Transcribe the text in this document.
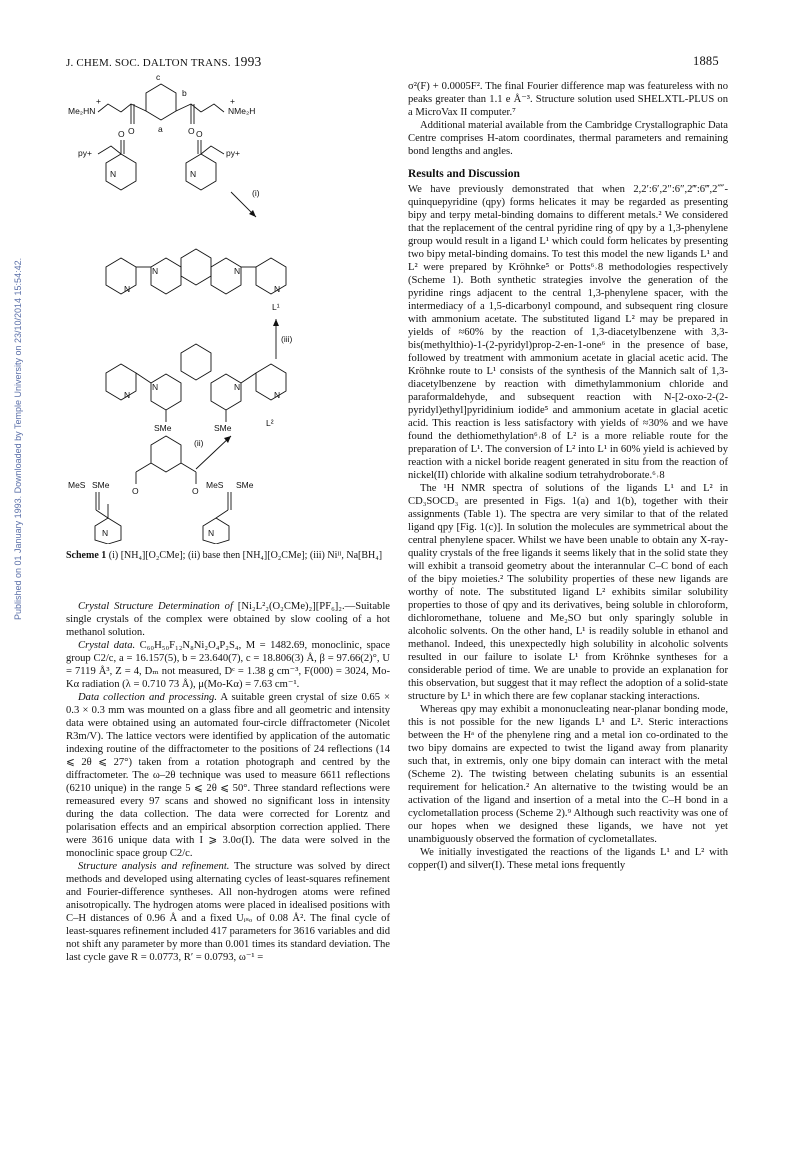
J. CHEM. SOC. DALTON TRANS. 1993	1885
Published on 01 January 1993. Downloaded by Temple University on 23/10/2014 15:54:42.
c
b
a
Me₂HN
+
NMe₂H
+
O	O
py+
O
N
py+
O
N
(i)
N	N
N	N
L¹
(iii)
SMe	SMe
N	N
N	N
L²
(ii)
O	O
MeS SMe
N
MeS SMe
N
Scheme 1 (i) [NH₄][O₂CMe]; (ii) base then [NH₄][O₂CMe]; (iii) Niᴵᴵ, Na[BH₄]

Crystal Structure Determination of [Ni₂L²₂(O₂CMe)₂][PF₆]₂.—Suitable single crystals of the complex were obtained by slow cooling of a hot methanol solution.

Crystal data. C₆₀H₅₀F₁₂N₈Ni₂O₄P₂S₄, M = 1482.69, monoclinic, space group C2/c, a = 16.157(5), b = 23.640(7), c = 18.806(3) Å, β = 97.66(2)°, U = 7119 Å³, Z = 4, Dₘ not measured, Dᶜ = 1.38 g cm⁻³, F(000) = 3024, Mo-Kα radiation (λ = 0.710 73 Å), μ(Mo-Kα) = 7.63 cm⁻¹.

Data collection and processing. A suitable green crystal of size 0.65 × 0.3 × 0.3 mm was mounted on a glass fibre and all geometric and intensity data were obtained using an automated four-circle diffractometer (Nicolet R3m/V). The lattice vectors were identified by application of the automatic indexing routine of the diffractometer to the positions of 24 reflections (14 ⩽ 2θ ⩽ 27°) taken from a rotation photograph and centred by the diffractometer. The ω–2θ technique was used to measure 6611 reflections (6210 unique) in the range 5 ⩽ 2θ ⩽ 50°. Three standard reflections were remeasured every 97 scans and showed no significant loss in intensity during the data collection. The data were corrected for Lorentz and polarisation effects and an empirical absorption correction applied. There were 3616 unique data with I ⩾ 3.0σ(I). The data were solved in the monoclinic space group C2/c.

Structure analysis and refinement. The structure was solved by direct methods and developed using alternating cycles of least-squares refinement and Fourier-difference syntheses. All non-hydrogen atoms were refined anisotropically. The hydrogen atoms were placed in idealised positions with C–H distances of 0.96 Å and a fixed Uᵢₛₒ of 0.08 Å². The final cycle of least-squares refinement included 417 parameters for 3616 variables and did not shift any parameter by more than 0.001 times its standard deviation. The last cycle gave R = 0.0773, R′ = 0.0793, ω⁻¹ =

σ²(F) + 0.0005F². The final Fourier difference map was featureless with no peaks greater than 1.1 e Å⁻³. Structure solution used SHELXTL-PLUS on a MicroVax II computer.⁷

Additional material available from the Cambridge Crystallographic Data Centre comprises H-atom coordinates, thermal parameters and remaining bond lengths and angles.

Results and Discussion

We have previously demonstrated that when 2,2′:6′,2″:6″,2‴:6‴,2⁗-quinquepyridine (qpy) forms helicates it may be regarded as presenting bipy and terpy metal-binding domains to different metals.² We considered that the replacement of the central pyridine ring of qpy by a 1,3-phenylene group would result in a ligand L¹ which could form helicates by presenting two bipy metal-binding domains. To test this model the new ligands L¹ and L² were prepared by Kröhnke⁵ or Potts⁶˒8 methodologies respectively (Scheme 1). Both synthetic strategies involve the generation of the pyridine rings adjacent to the central 1,3-phenylene spacer, with the intermediacy of a 1,5-dicarbonyl compound, and subsequent ring closure with ammonium acetate. The substituted ligand L² may be prepared in yields of ≈60% by the reaction of 1,3-diacetylbenzene with 3,3-bis(methylthio)-1-(2-pyridyl)prop-2-en-1-one⁶ in the presence of base, followed by treatment with ammonium acetate in glacial acetic acid. The Kröhnke route to L¹ consists of the synthesis of the Mannich salt of 1,3-diacetylbenzene by reaction with dimethylammonium chloride and paraformaldehyde, and subsequent reaction with N-[2-oxo-2-(2-pyridyl)ethyl]pyridinium iodide⁵ and ammonium acetate in glacial acetic acid. This reaction is less satisfactory with yields of ≈30% and we have found the dethiomethylation⁶˒8 of L² is a more reliable route for the preparation of L¹. The conversion of L² into L¹ in 60% yield is achieved by reaction with a nickel boride reagent generated in situ from the reaction of nickel(II) chloride with alkaline sodium tetrahydroborate.⁶˒8

The ¹H NMR spectra of solutions of the ligands L¹ and L² in CD₃SOCD₃ are presented in Figs. 1(a) and 1(b), together with their assignments (Table 1). The spectra are very similar to that of the related ligand qpy [Fig. 1(c)]. In solution the molecules are symmetrical about the central phenylene spacer. Whilst we have been unable to obtain any X-ray-quality crystals of the free ligands it seems likely that in the solid state they will exhibit a transoid geometry about the interannular C–C bond of each of the bipy moieties.² The solubility properties of these new ligands are worthy of note. The substituted ligand L² exhibits similar solubility properties to those of qpy and its derivatives, being soluble in chloroform, dichloromethane, toluene and Me₂SO but only sparingly soluble in alcoholic solvents. On the other hand, L¹ is readily soluble in ethanol and methanol. Indeed, this unexpectedly high solubility in alcoholic solvents resulted in our failure to isolate L¹ from Kröhnke syntheses for a considerable period of time. We are unable to provide an explanation for this observation, but suggest that it may reflect the adoption of a solid-state structure by L¹ in which there are few coplanar stacking interactions.

Whereas qpy may exhibit a mononucleating near-planar bonding mode, this is not possible for the new ligands L¹ and L². Steric interactions between the Hᵃ of the phenylene ring and a metal ion co-ordinated to the two bipy domains are expected to twist the ligand away from planarity such that, in extremis, only one bipy domain can interact with the metal (Scheme 2). The twisting between chelating subunits is an essential requirement for helication.² An alternative to the twisting would be an activation of the ligand and insertion of a metal into the C–H bond in a cyclometallation process (Scheme 2).⁹ Although such reactivity was one of our hopes when we designed these ligands, we have not yet unambiguously observed the formation of cyclometallates.

We initially investigated the reactions of the ligands L¹ and L² with copper(I) and silver(I). These metal ions frequently
